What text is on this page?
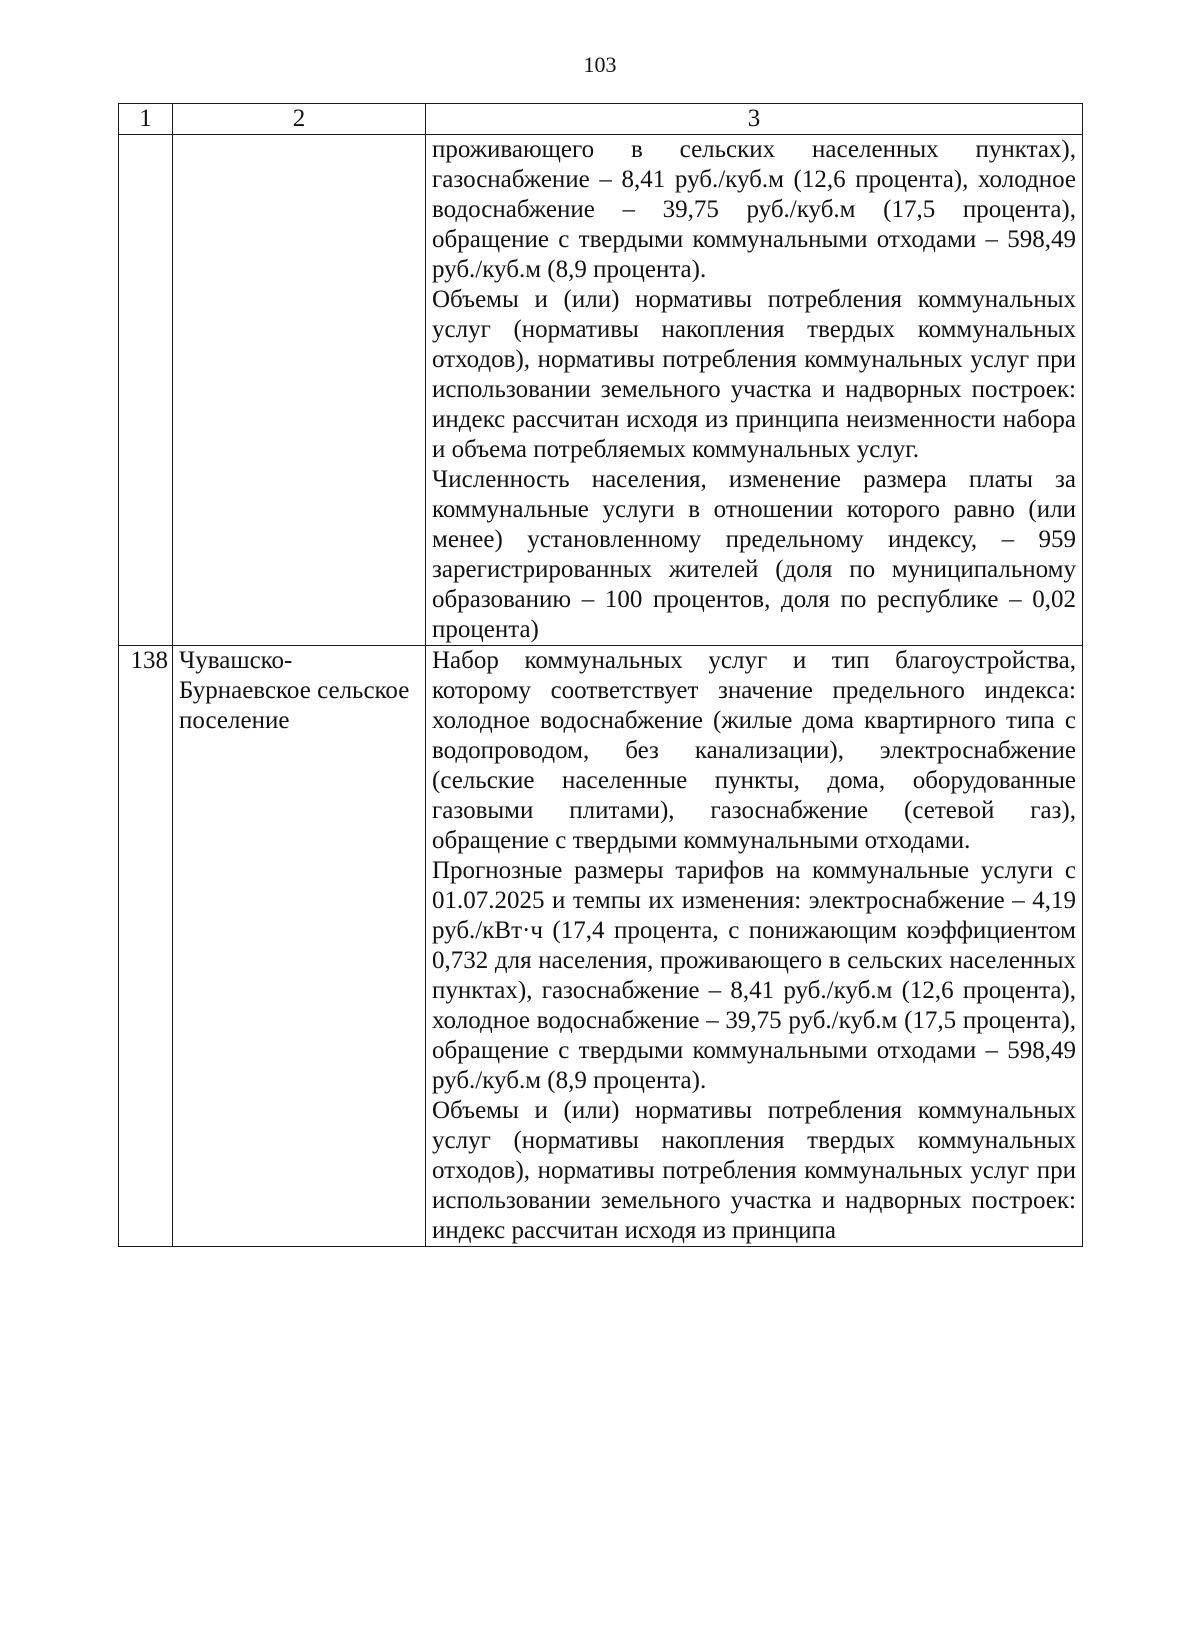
103
1	2	3

		проживающего в сельских населенных пунктах), газоснабжение – 8,41 руб./куб.м (12,6 процента), холодное водоснабжение – 39,75 руб./куб.м (17,5 процента), обращение с твердыми коммунальными отходами – 598,49 руб./куб.м (8,9 процента).

Объемы и (или) нормативы потребления коммунальных услуг (нормативы накопления твердых коммунальных отходов), нормативы потребления коммунальных услуг при использовании земельного участка и надворных построек: индекс рассчитан исходя из принципа неизменности набора и объема потребляемых коммунальных услуг.

Численность населения, изменение размера платы за коммунальные услуги в отношении которого равно (или менее) установленному предельному индексу, – 959 зарегистрированных жителей (доля по муниципальному образованию – 100 процентов, доля по республике – 0,02 процента)

138	Чувашско-Бурнаевское сельское поселение	Набор коммунальных услуг и тип благоустройства, которому соответствует значение предельного индекса: холодное водоснабжение (жилые дома квартирного типа с водопроводом, без канализации), электроснабжение (сельские населенные пункты, дома, оборудованные газовыми плитами), газоснабжение (сетевой газ), обращение с твердыми коммунальными отходами.

Прогнозные размеры тарифов на коммунальные услуги с 01.07.2025 и темпы их изменения: электроснабжение – 4,19 руб./кВт·ч (17,4 процента, с понижающим коэффициентом 0,732 для населения, проживающего в сельских населенных пунктах), газоснабжение – 8,41 руб./куб.м (12,6 процента), холодное водоснабжение – 39,75 руб./куб.м (17,5 процента), обращение с твердыми коммунальными отходами – 598,49 руб./куб.м (8,9 процента).

Объемы и (или) нормативы потребления коммунальных услуг (нормативы накопления твердых коммунальных отходов), нормативы потребления коммунальных услуг при использовании земельного участка и надворных построек: индекс рассчитан исходя из принципа
